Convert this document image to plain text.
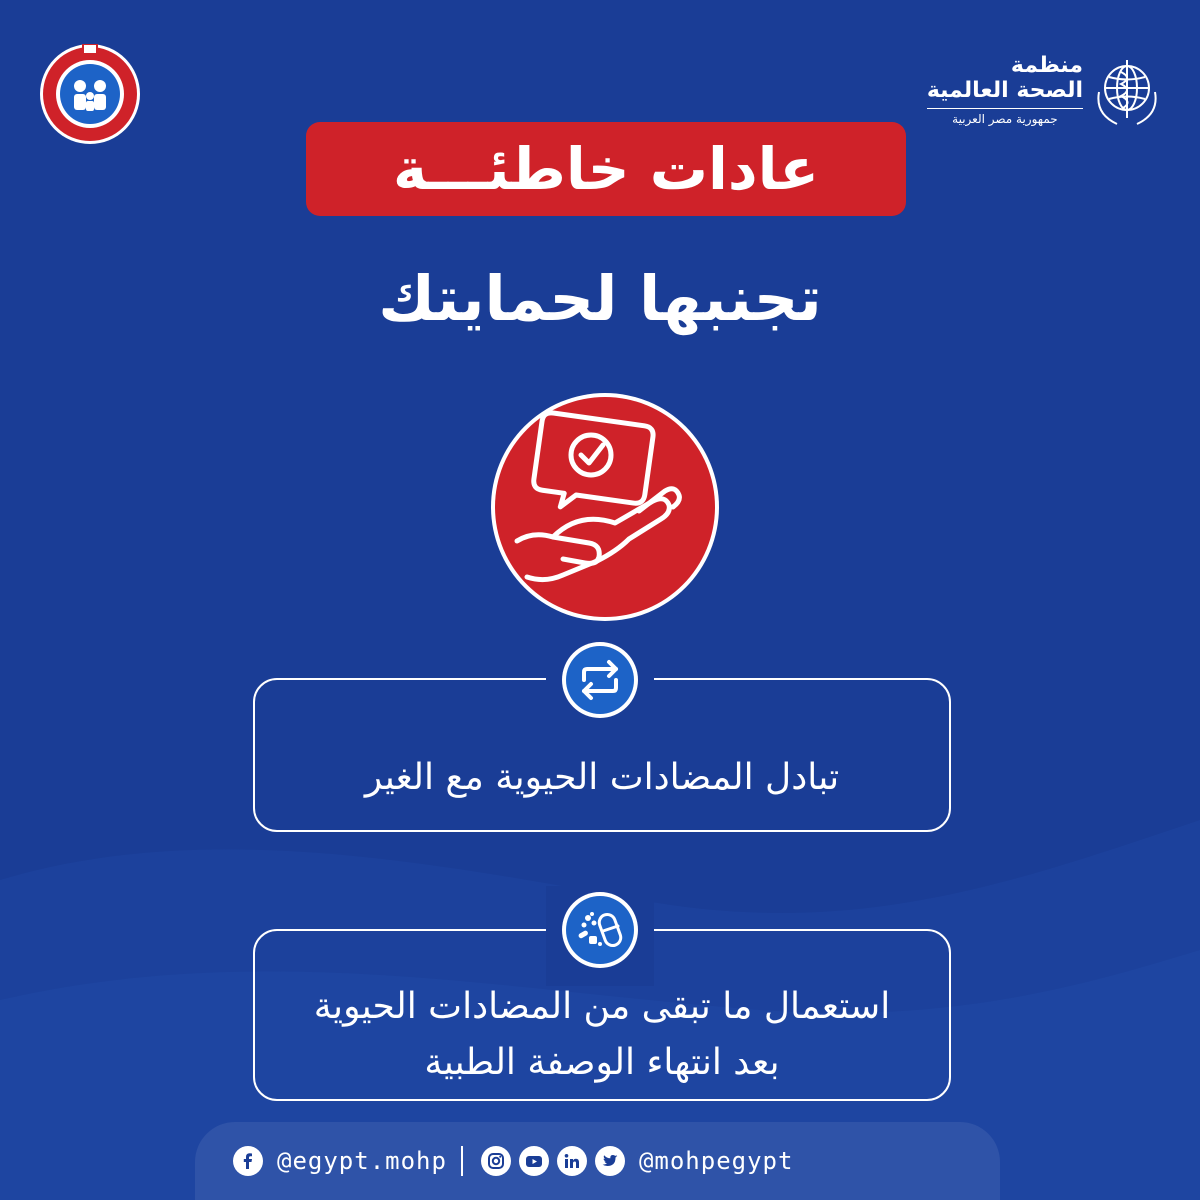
منظمة
الصحة العالمية
جمهورية مصر العربية
عادات خاطئـــة
تجنبها لحمايتك
تبادل المضادات الحيوية مع الغير
استعمال ما تبقى من المضادات الحيوية
بعد انتهاء الوصفة الطبية
@egypt.mohp	@mohpegypt
